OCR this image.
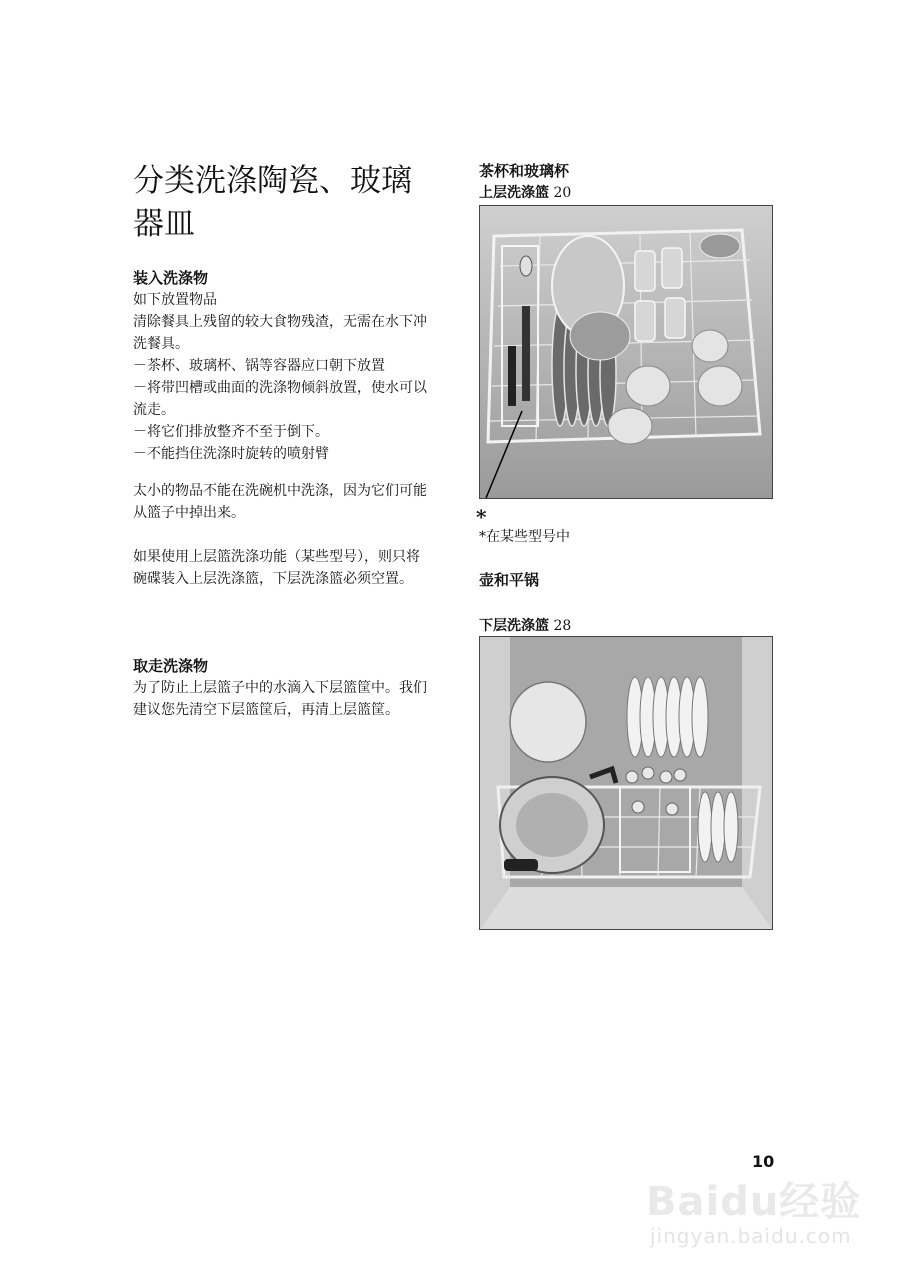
分类洗涤陶瓷、玻璃器皿
装入洗涤物

如下放置物品

清除餐具上残留的较大食物残渣，无需在水下冲洗餐具。

－茶杯、玻璃杯、锅等容器应口朝下放置

－将带凹槽或曲面的洗涤物倾斜放置，使水可以流走。

－将它们排放整齐不至于倒下。

－不能挡住洗涤时旋转的喷射臂

太小的物品不能在洗碗机中洗涤，因为它们可能从篮子中掉出来。

如果使用上层篮洗涤功能（某些型号），则只将碗碟装入上层洗涤篮，下层洗涤篮必须空置。

取走洗涤物

为了防止上层篮子中的水滴入下层篮筐中。我们建议您先清空下层篮筐后，再清上层篮筐。

茶杯和玻璃杯
上层洗涤篮 20
*
*在某些型号中
壶和平锅
下层洗涤篮 28
10
Baidu经验
jingyan.baidu.com
